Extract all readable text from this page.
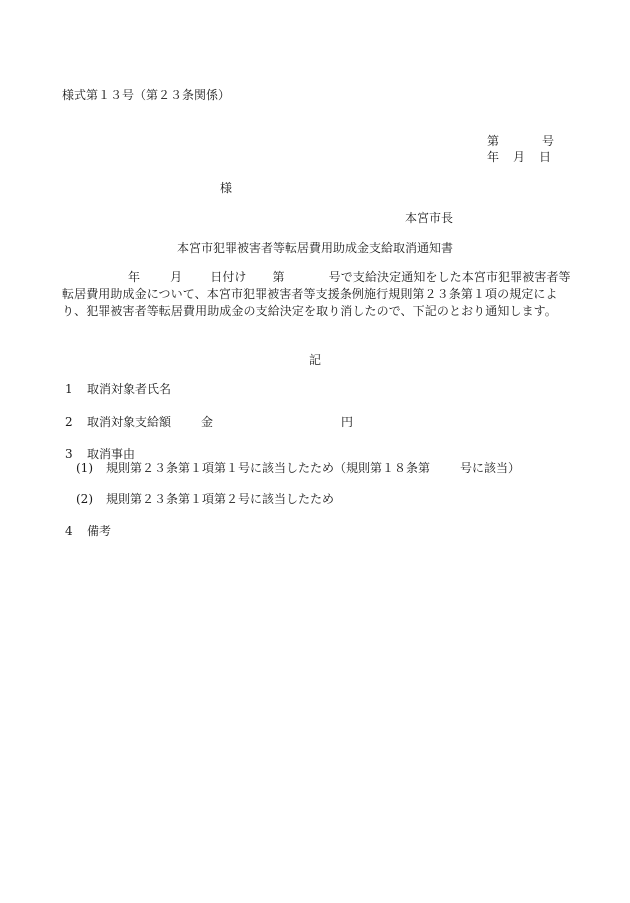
様式第１３号（第２３条関係）
第	号
年 月 日
様
本宮市長
本宮市犯罪被害者等転居費用助成金支給取消通知書
年	月 日付け 第	号で支給決定通知をした本宮市犯罪被害者等転居費用助成金について、本宮市犯罪被害者等支援条例施行規則第２３条第１項の規定により、犯罪被害者等転居費用助成金の支給決定を取り消したので、下記のとおり通知します。
記
1 取消対象者氏名
2 取消対象支給額	金	円
3 取消事由
(1) 規則第２３条第１項第１号に該当したため（規則第１８条第	号に該当）
(2) 規則第２３条第１項第２号に該当したため
4 備考
